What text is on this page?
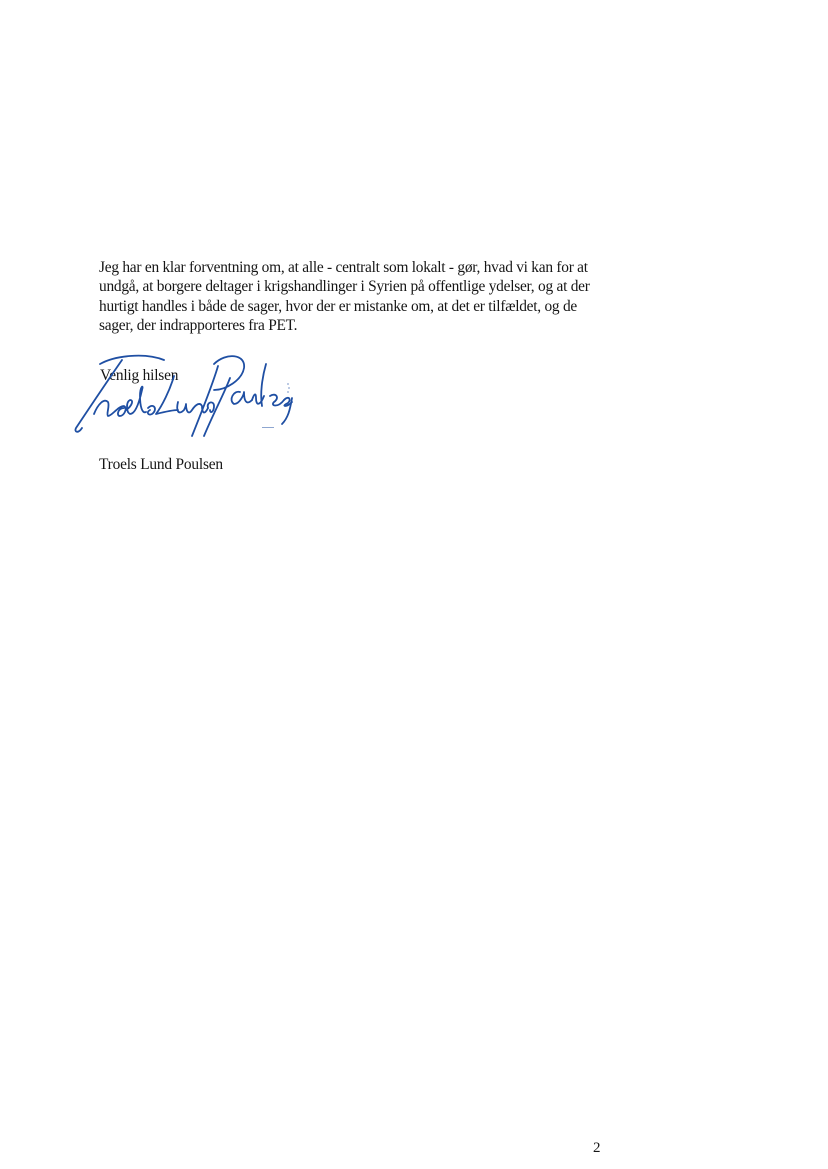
Jeg har en klar forventning om, at alle - centralt som lokalt - gør, hvad vi kan for at
undgå, at borgere deltager i krigshandlinger i Syrien på offentlige ydelser, og at der
hurtigt handles i både de sager, hvor der er mistanke om, at det er tilfældet, og de
sager, der indrapporteres fra PET.

Venlig hilsen
Troels Lund Poulsen
2
